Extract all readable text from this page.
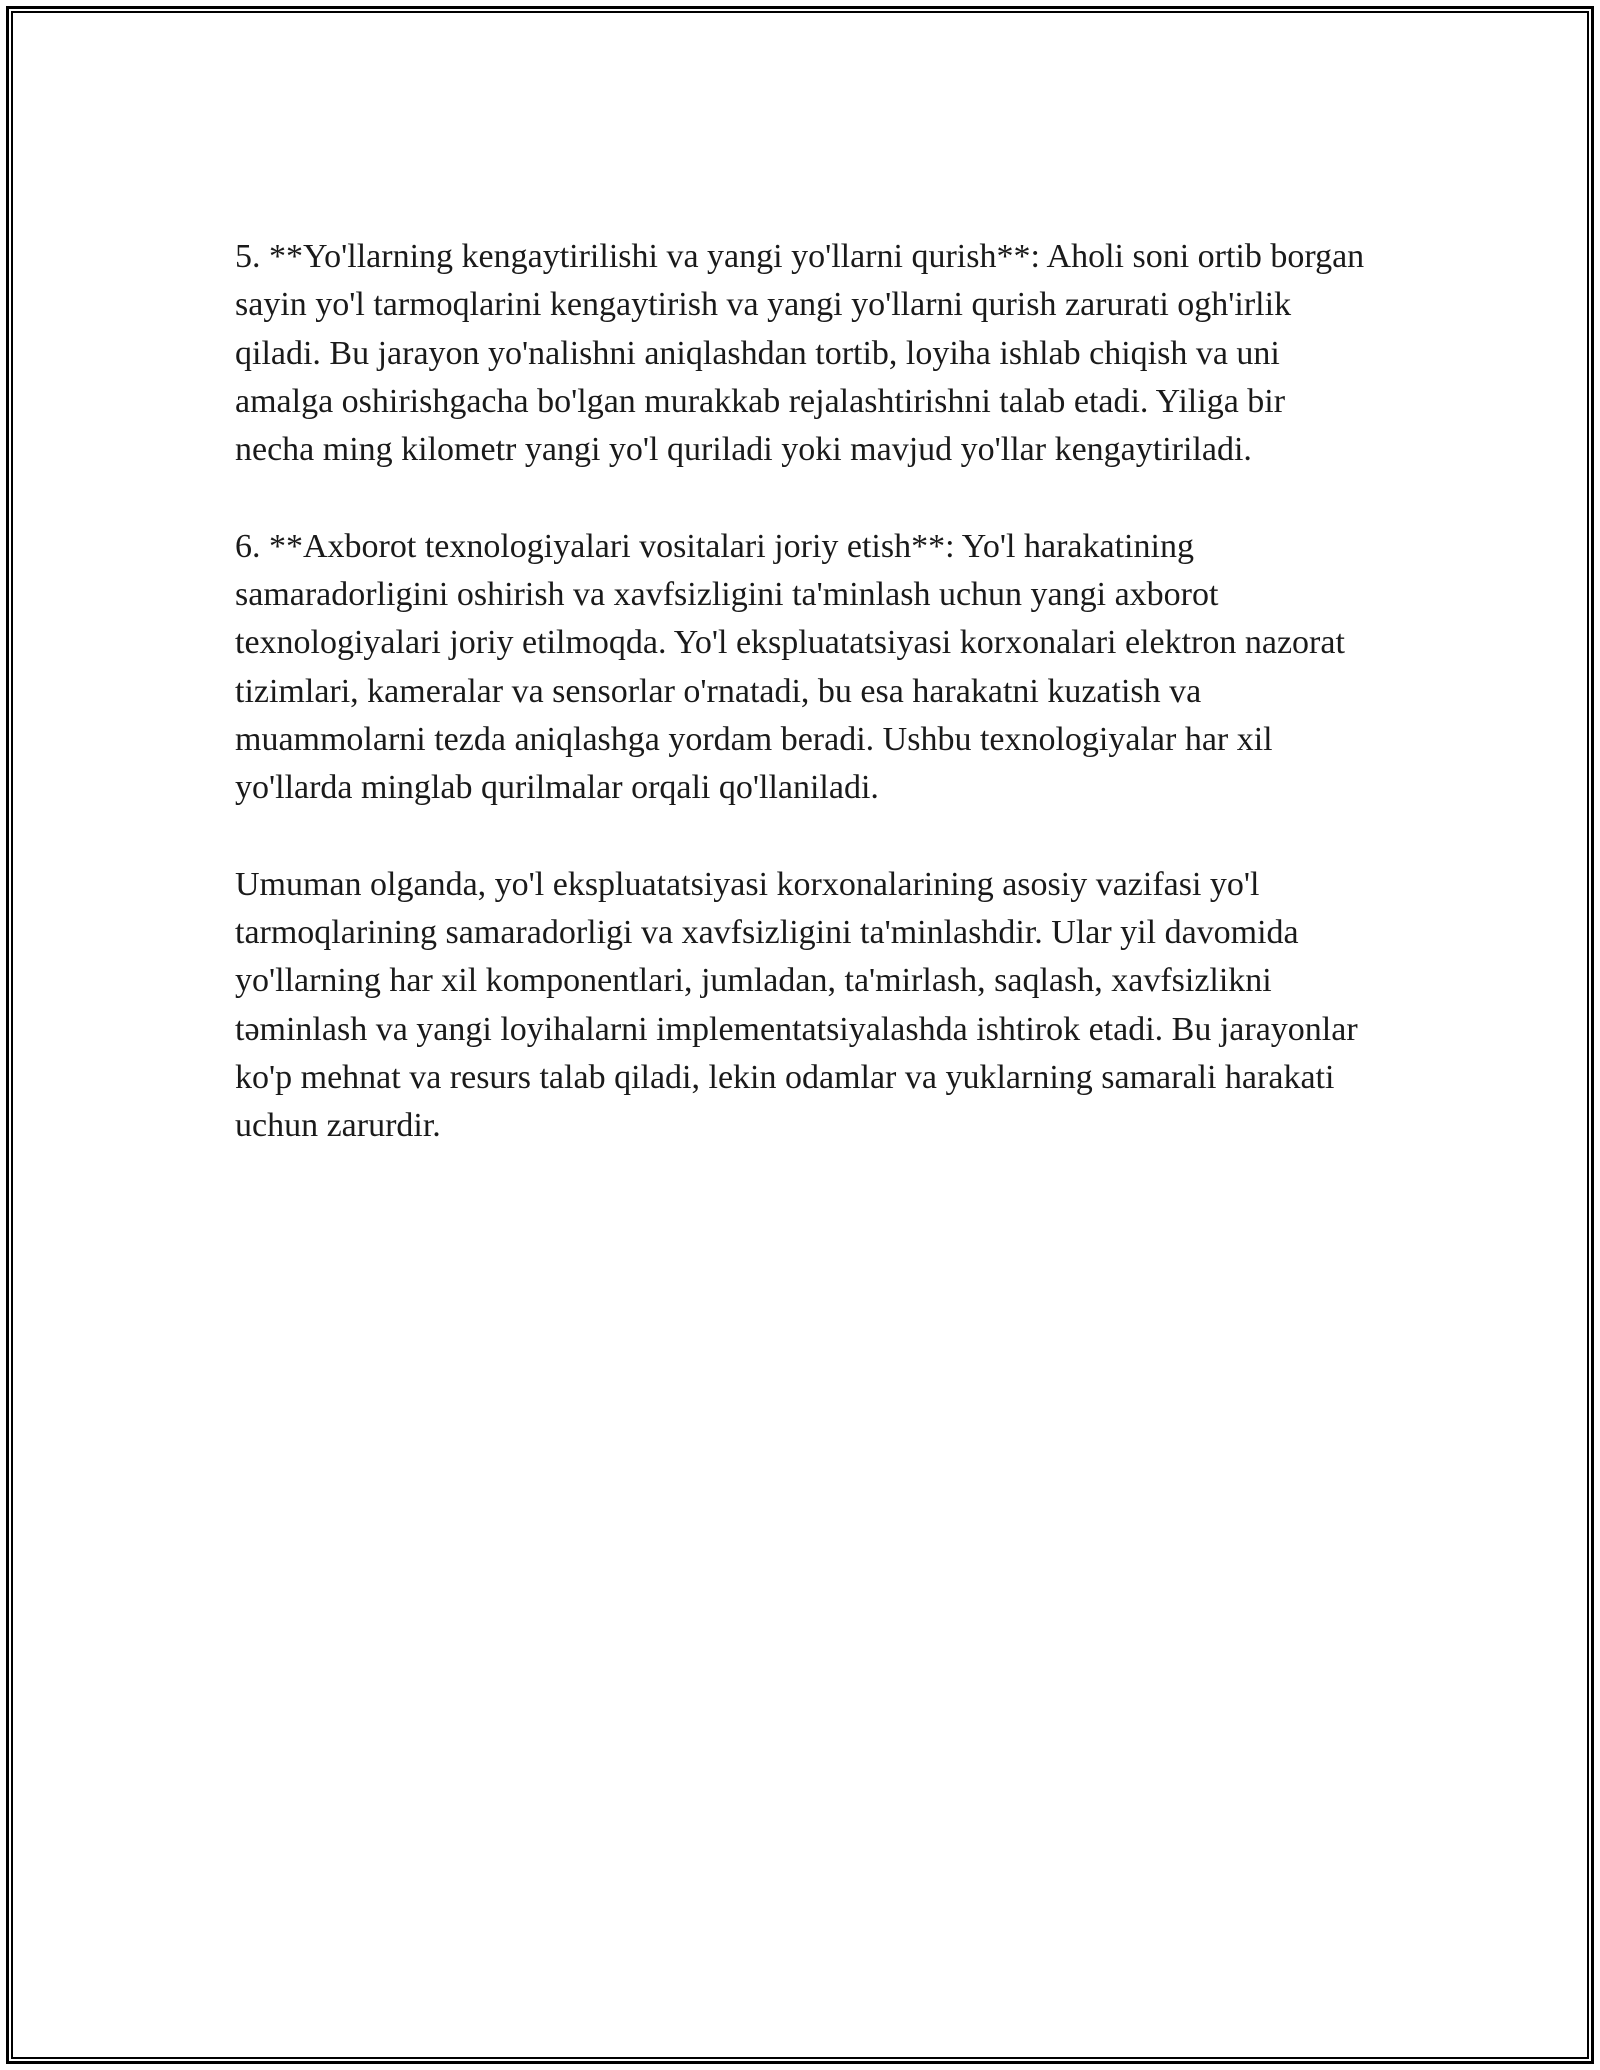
5. **Yo'llarning kengaytirilishi va yangi yo'llarni qurish**: Aholi soni ortib borgan sayin yo'l tarmoqlarini kengaytirish va yangi yo'llarni qurish zarurati ogh'irlik qiladi. Bu jarayon yo'nalishni aniqlashdan tortib, loyiha ishlab chiqish va uni amalga oshirishgacha bo'lgan murakkab rejalashtirishni talab etadi. Yiliga bir necha ming kilometr yangi yo'l quriladi yoki mavjud yo'llar kengaytiriladi.

6. **Axborot texnologiyalari vositalari joriy etish**: Yo'l harakatining samaradorligini oshirish va xavfsizligini ta'minlash uchun yangi axborot texnologiyalari joriy etilmoqda. Yo'l ekspluatatsiyasi korxonalari elektron nazorat tizimlari, kameralar va sensorlar o'rnatadi, bu esa harakatni kuzatish va muammolarni tezda aniqlashga yordam beradi. Ushbu texnologiyalar har xil yo'llarda minglab qurilmalar orqali qo'llaniladi.

Umuman olganda, yo'l ekspluatatsiyasi korxonalarining asosiy vazifasi yo'l tarmoqlarining samaradorligi va xavfsizligini ta'minlashdir. Ular yil davomida yo'llarning har xil komponentlari, jumladan, ta'mirlash, saqlash, xavfsizlikni təminlash va yangi loyihalarni implementatsiyalashda ishtirok etadi. Bu jarayonlar ko'p mehnat va resurs talab qiladi, lekin odamlar va yuklarning samarali harakati uchun zarurdir.
